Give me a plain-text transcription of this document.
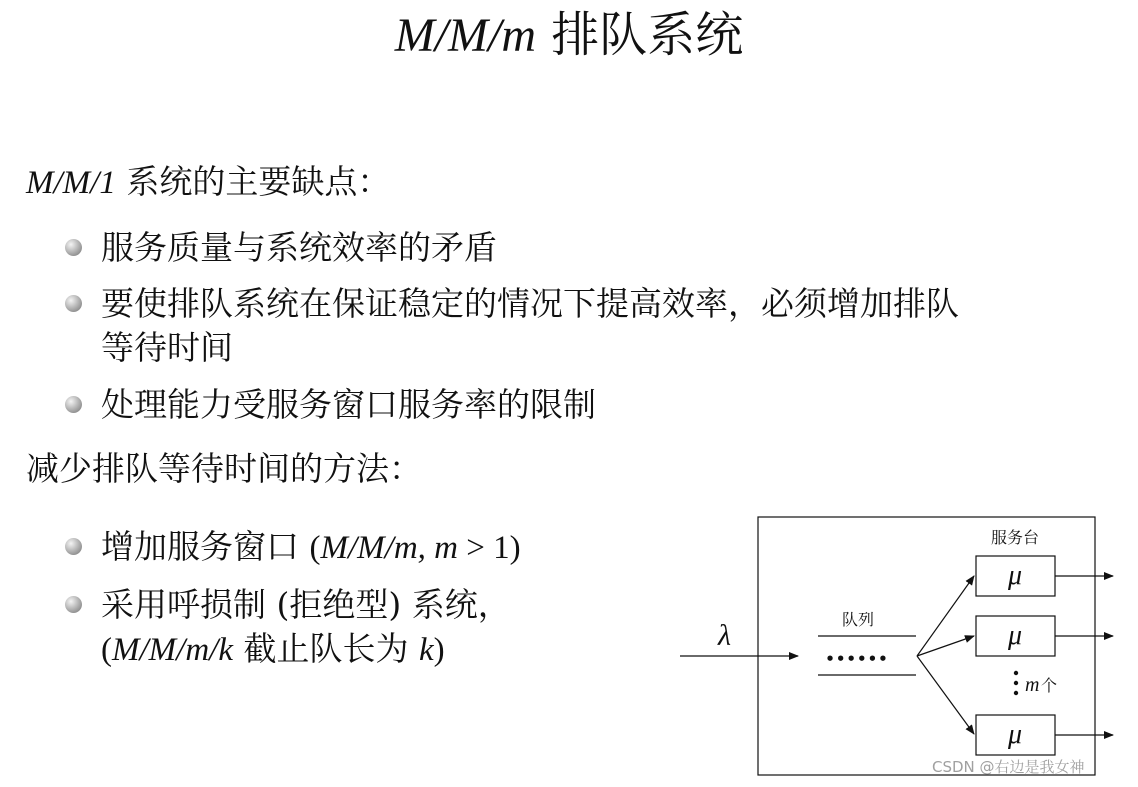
M/M/m 排队系统
M/M/1 系统的主要缺点：
服务质量与系统效率的矛盾
要使排队系统在保证稳定的情况下提高效率，必须增加排队
等待时间
处理能力受服务窗口服务率的限制
减少排队等待时间的方法：
增加服务窗口 (M/M/m, m > 1)
采用呼损制 (拒绝型) 系统，
(M/M/m/k 截止队长为 k)	λ	队列
••••••
服务台
μ
μ
μ
m 个
CSDN @右边是我女神
